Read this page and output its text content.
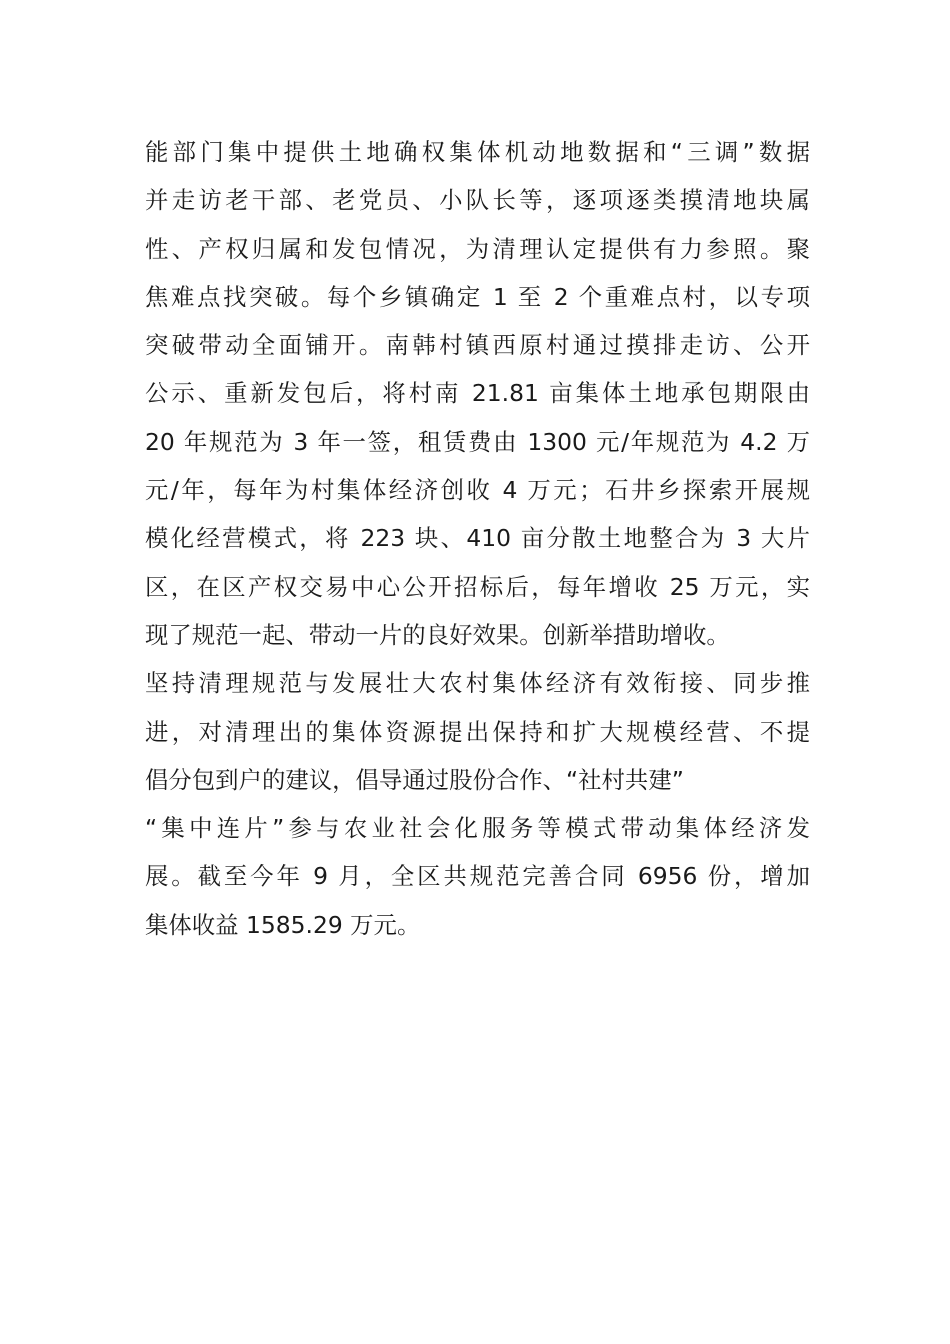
能部门集中提供土地确权集体机动地数据和“三调”数据
并走访老干部、老党员、小队长等，逐项逐类摸清地块属
性、产权归属和发包情况，为清理认定提供有力参照。聚
焦难点找突破。每个乡镇确定 1 至 2 个重难点村，以专项
突破带动全面铺开。南韩村镇西原村通过摸排走访、公开
公示、重新发包后，将村南 21.81 亩集体土地承包期限由
20 年规范为 3 年一签，租赁费由 1300 元/年规范为 4.2 万
元/年，每年为村集体经济创收 4 万元；石井乡探索开展规
模化经营模式，将 223 块、410 亩分散土地整合为 3 大片
区，在区产权交易中心公开招标后，每年增收 25 万元，实
现了规范一起、带动一片的良好效果。创新举措助增收。
坚持清理规范与发展壮大农村集体经济有效衔接、同步推
进，对清理出的集体资源提出保持和扩大规模经营、不提
倡分包到户的建议，倡导通过股份合作、“社村共建”
“集中连片”参与农业社会化服务等模式带动集体经济发
展。截至今年 9 月，全区共规范完善合同 6956 份，增加
集体收益 1585.29 万元。
